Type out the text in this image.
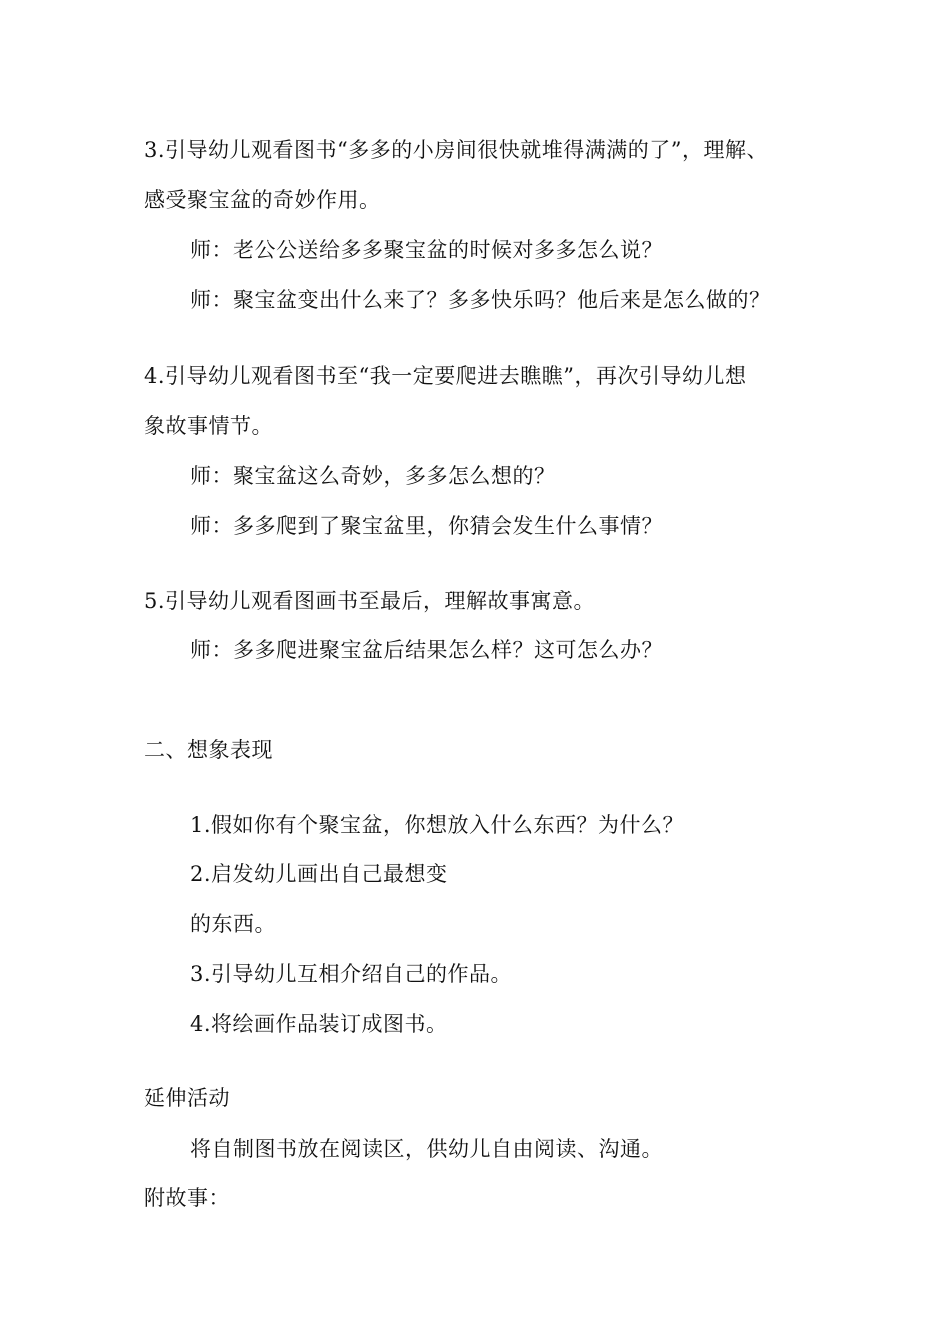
3.引导幼儿观看图书“多多的小房间很快就堆得满满的了”，理解、
感受聚宝盆的奇妙作用。
师：老公公送给多多聚宝盆的时候对多多怎么说？
师：聚宝盆变出什么来了？多多快乐吗？他后来是怎么做的？
4.引导幼儿观看图书至“我一定要爬进去瞧瞧”，再次引导幼儿想
象故事情节。
师：聚宝盆这么奇妙，多多怎么想的？
师：多多爬到了聚宝盆里，你猜会发生什么事情？
5.引导幼儿观看图画书至最后，理解故事寓意。
师：多多爬进聚宝盆后结果怎么样？这可怎么办？
二、想象表现
1.假如你有个聚宝盆，你想放入什么东西？为什么？
2.启发幼儿画出自己最想变
的东西。
3.引导幼儿互相介绍自己的作品。
4.将绘画作品装订成图书。
延伸活动
将自制图书放在阅读区，供幼儿自由阅读、沟通。
附故事：
